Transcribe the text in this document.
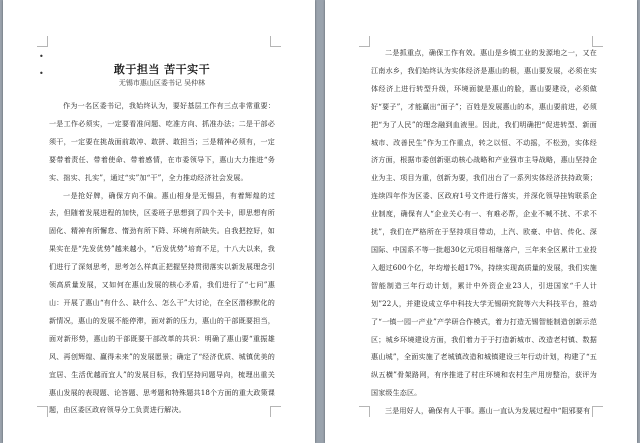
•
•	敢于担当 苦干实干

无锡市惠山区委书记 吴仲林

作为一名区委书记，我始终认为，要好基层工作有三点非常重要：一是工作必须实，一定要看准问题、吃准方向、抓准办法；二是干部必须干，一定要在挑战面前敢冲、敢拼、敢担当；三是精神必须有，一定要带着责任、带着使命、带着感情，在市委领导下，惠山大力推进“务实、拙实、扎实”，通过“实”加“干”，全力推动经济社会发展。

一是抢好牌，确保方向不偏。惠山相身是无锡县，有着辉煌的过去，但随着发展进程的加快，区委班子思想到了四个关卡，即思想有所固化、精神有所懈怠、惰劲有所下降、环境有所缺失。自我把控好，如果实在是“先发优势”越来越小，“后发优势”培育不足，十八大以来，我们进行了深刻思考，思考怎么样真正把握坚持贯彻落实以新发展理念引领高质量发展，又如何在惠山发展的核心矛盾，我们进行了“七问”惠山：开展了惠山“有什么、缺什么、怎么干”大讨论，在全区潜移默化的新情况，惠山的发展不能停滞，面对新的压力，惠山的干部既要担当，面对新形势，惠山的干部既要干部改革的共识：明确了惠山要“重振雄风、再创辉煌、赢得未来”的发展愿景；确定了“经济优质、城镇优美的宜居、生活优越而宜人”的发展目标，我们坚持问题导向，梳理出重关惠山发展的表现题、论答题、思考题和特殊题共18个方面的重大政策课题，由区委区政府领导分工负责进行解决。

二是抓重点，确保工作有效。惠山是乡镇工业的发源地之一，又在江南水乡，我们始终认为实体经济是惠山的根，惠山要发展，必须在实体经济上进行转型升级，环境面貌是惠山的脸，惠山要建设，必须做好“要子”，才能赢出“面子”；百姓是发展惠山的本，惠山要前进，必须把“为了人民”的理念融到血液里。因此，我们明确把“促进转型、新面城市、改善民生”作为工作重点，转之以恒、不动摇，不松劲，实体经济方面，根据市委创新驱动核心战略和产业强市主导战略，惠山坚持企业为主、项目为重，创新为要，我们出台了一系列实体经济扶持政策；连续四年作为区委、区政府1号文件进行落实，并深化领导挂钩联系企业制度，确保有人“企业关心有一、有难必帮，企业不喊不扰、不求不扰”，我们在严格所在于坚持项目带动，上汽、欧豪、中信、传化、深国际、中国系不等一批超30亿元项目相继落户，三年来全区累计工业投入超过600个亿，年均增长超17%，持续实现高质量的发展，我们实施智能制造三年行动计划，累计中外资企业23人，引进国家“千人计划”22人，并建设成立华中科技大学无锡研究院等六大科技平台，推动了“一镇一园一产业”产学研合作模式，着力打造无锡智能制造创新示范区；城乡环境建设方面，我们着力于于打造新城市、改造老村镇、数据惠山城”，全面实施了老城镇改造和城镇建设三年行动计划，构建了“五纵五横”骨架路网，有序推进了村庄环境和农村生产用房整治，获评为国家级生态区。

三是用好人，确保有人干事。惠山一直认为发展过程中“阻邪要有
